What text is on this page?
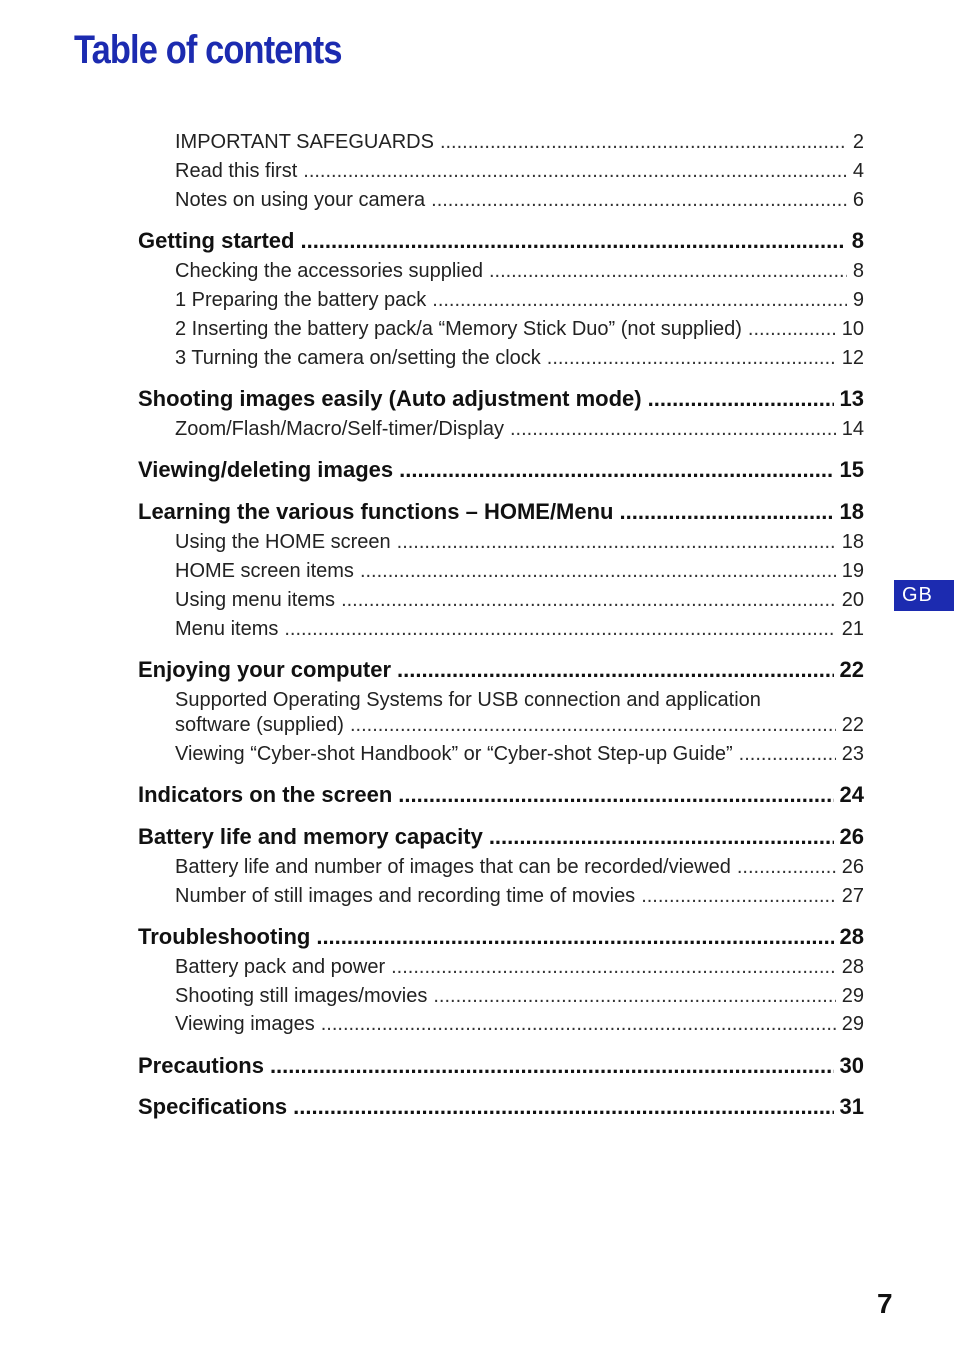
Table of contents
IMPORTANT SAFEGUARDS .....	2
Read this first .....	4
Notes on using your camera .....	6
Getting started .....	8
Checking the accessories supplied .....	8
1 Preparing the battery pack .....	9
2 Inserting the battery pack/a “Memory Stick Duo” (not supplied) .....	10
3 Turning the camera on/setting the clock .....	12
Shooting images easily (Auto adjustment mode) .....	13
Zoom/Flash/Macro/Self-timer/Display .....	14
Viewing/deleting images .....	15
Learning the various functions – HOME/Menu .....	18
Using the HOME screen .....	18
HOME screen items .....	19
Using menu items .....	20
Menu items .....	21
Enjoying your computer .....	22
Supported Operating Systems for USB connection and application
software (supplied) .....	22
Viewing “Cyber-shot Handbook” or “Cyber-shot Step-up Guide” .....	23
Indicators on the screen .....	24
Battery life and memory capacity .....	26
Battery life and number of images that can be recorded/viewed .....	26
Number of still images and recording time of movies .....	27
Troubleshooting .....	28
Battery pack and power .....	28
Shooting still images/movies .....	29
Viewing images .....	29
Precautions .....	30
Specifications .....	31
GB
7
